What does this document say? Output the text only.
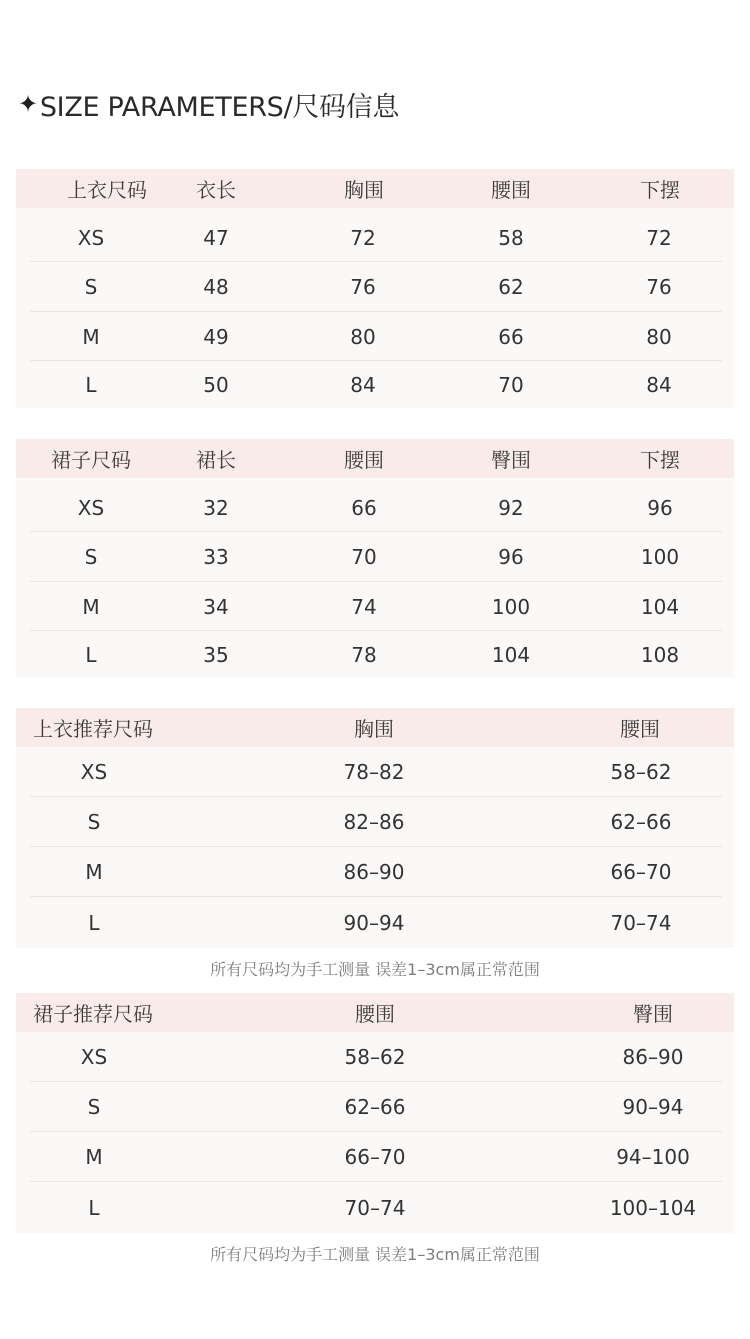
✦ SIZE PARAMETERS/尺码信息
上衣尺码	衣长	胸围	腰围	下摆
XS	47	72	58	72
S	48	76	62	76
M	49	80	66	80
L	50	84	70	84
裙子尺码	裙长	腰围	臀围	下摆
XS	32	66	92	96
S	33	70	96	100
M	34	74	100	104
L	35	78	104	108
上衣推荐尺码	胸围	腰围
XS	78–82	58–62
S	82–86	62–66
M	86–90	66–70
L	90–94	70–74
所有尺码均为手工测量 误差1–3cm属正常范围
裙子推荐尺码	腰围	臀围
XS	58–62	86–90
S	62–66	90–94
M	66–70	94–100
L	70–74	100–104
所有尺码均为手工测量 误差1–3cm属正常范围
